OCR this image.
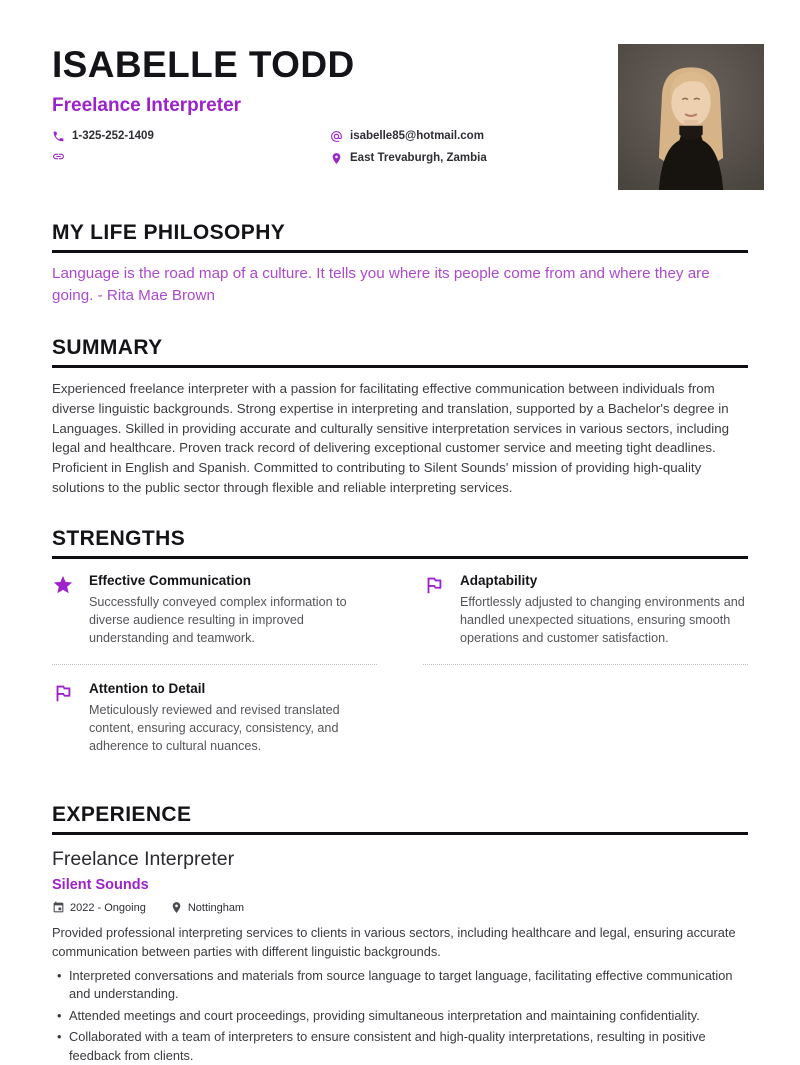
ISABELLE TODD
Freelance Interpreter
1-325-252-1409	isabelle85@hotmail.com
East Trevaburgh, Zambia
MY LIFE PHILOSOPHY
Language is the road map of a culture. It tells you where its people come from and where they are going. - Rita Mae Brown
SUMMARY
Experienced freelance interpreter with a passion for facilitating effective communication between individuals from diverse linguistic backgrounds. Strong expertise in interpreting and translation, supported by a Bachelor's degree in Languages. Skilled in providing accurate and culturally sensitive interpretation services in various sectors, including legal and healthcare. Proven track record of delivering exceptional customer service and meeting tight deadlines. Proficient in English and Spanish. Committed to contributing to Silent Sounds' mission of providing high-quality solutions to the public sector through flexible and reliable interpreting services.
STRENGTHS
Effective Communication
Successfully conveyed complex information to diverse audience resulting in improved understanding and teamwork.
Adaptability
Effortlessly adjusted to changing environments and handled unexpected situations, ensuring smooth operations and customer satisfaction.
Attention to Detail
Meticulously reviewed and revised translated content, ensuring accuracy, consistency, and adherence to cultural nuances.
EXPERIENCE
Freelance Interpreter
Silent Sounds
2022 - Ongoing	Nottingham

Provided professional interpreting services to clients in various sectors, including healthcare and legal, ensuring accurate communication between parties with different linguistic backgrounds.

• Interpreted conversations and materials from source language to target language, facilitating effective communication and understanding.
• Attended meetings and court proceedings, providing simultaneous interpretation and maintaining confidentiality.
• Collaborated with a team of interpreters to ensure consistent and high-quality interpretations, resulting in positive feedback from clients.
